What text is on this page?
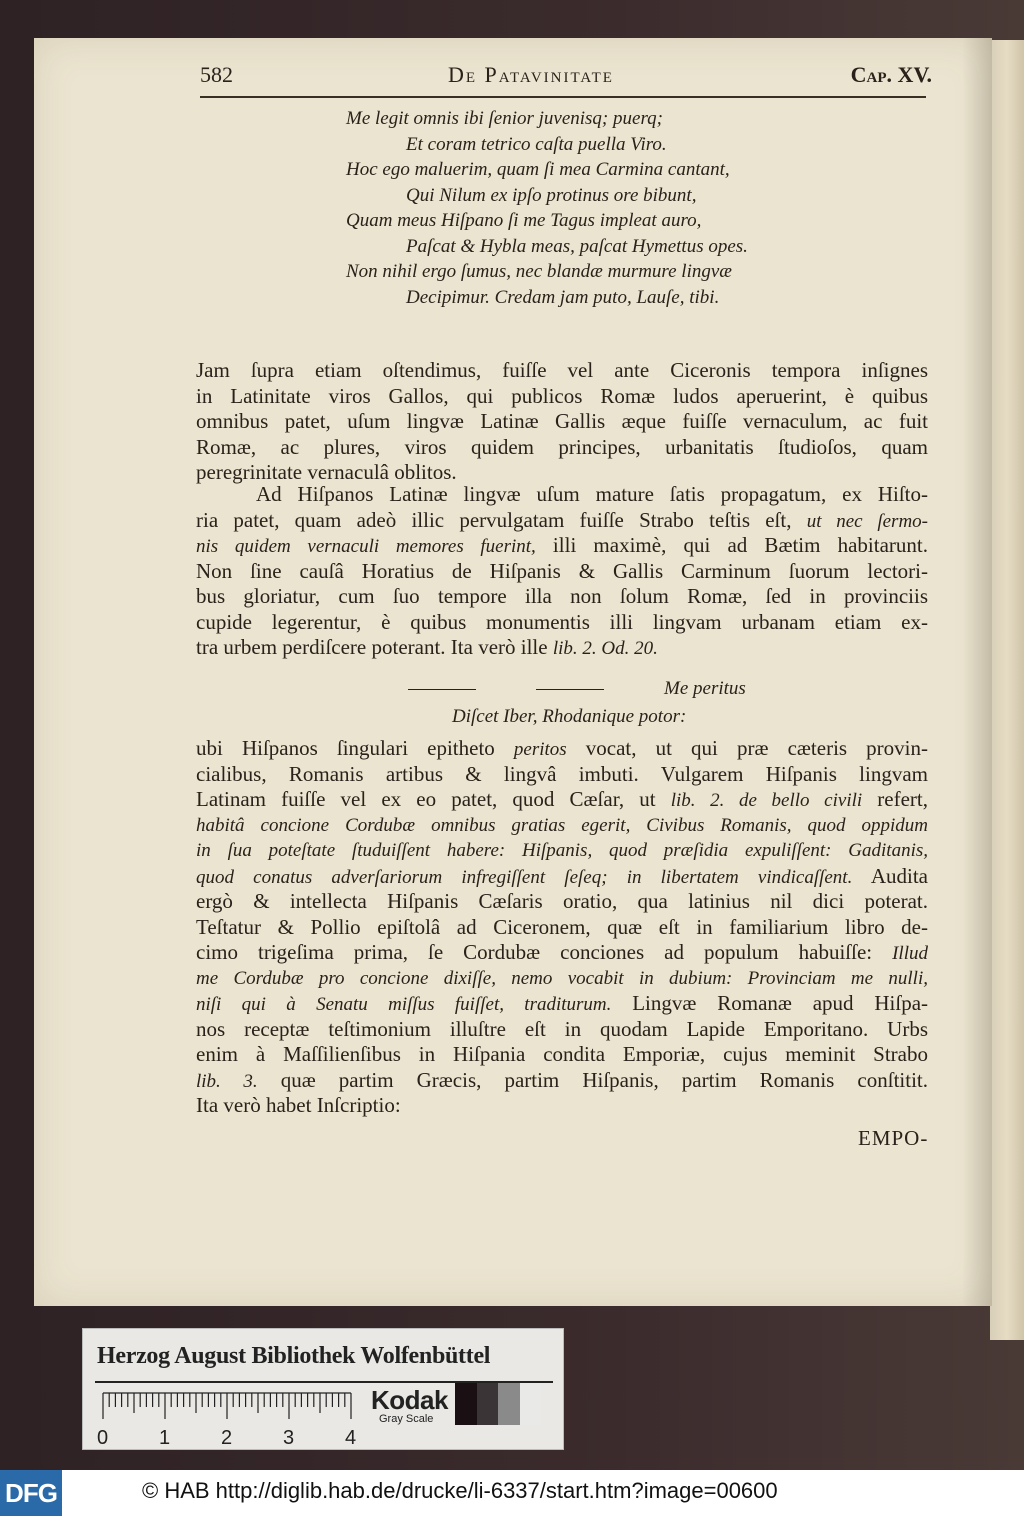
582	De Patavinitate	Cap. XV.
Me legit omnis ibi ſenior juvenisq; puerq;
Et coram tetrico caſta puella Viro.
Hoc ego maluerim, quam ſi mea Carmina cantant,
Qui Nilum ex ipſo protinus ore bibunt,
Quam meus Hiſpano ſi me Tagus impleat auro,
Paſcat & Hybla meas, paſcat Hymettus opes.
Non nihil ergo ſumus, nec blandæ murmure lingvæ
Decipimur. Credam jam puto, Lauſe, tibi.
Jam ſupra etiam oſtendimus, fuiſſe vel ante Ciceronis tempora inſignes
in Latinitate viros Gallos, qui publicos Romæ ludos aperuerint, è quibus
omnibus patet, uſum lingvæ Latinæ Gallis æque fuiſſe vernaculum, ac fuit
Romæ, ac plures, viros quidem principes, urbanitatis ſtudioſos, quam
peregrinitate vernaculâ oblitos.
Ad Hiſpanos Latinæ lingvæ uſum mature ſatis propagatum, ex Hiſto-
ria patet, quam adeò illic pervulgatam fuiſſe Strabo teſtis eſt, ut nec ſermo-
nis quidem vernaculi memores fuerint, illi maximè, qui ad Bætim habitarunt.
Non ſine cauſâ Horatius de Hiſpanis & Gallis Carminum ſuorum lectori-
bus gloriatur, cum ſuo tempore illa non ſolum Romæ, ſed in provinciis
cupide legerentur, è quibus monumentis illi lingvam urbanam etiam ex-
tra urbem perdiſcere poterant. Ita verò ille lib. 2. Od. 20.
Me peritus
Diſcet Iber, Rhodanique potor:
ubi Hiſpanos ſingulari epitheto peritos vocat, ut qui præ cæteris provin-
cialibus, Romanis artibus & lingvâ imbuti. Vulgarem Hiſpanis lingvam
Latinam fuiſſe vel ex eo patet, quod Cæſar, ut lib. 2. de bello civili refert,
habitâ concione Cordubæ omnibus gratias egerit, Civibus Romanis, quod oppidum
in ſua poteſtate ſtuduiſſent habere: Hiſpanis, quod præſidia expuliſſent: Gaditanis,
quod conatus adverſariorum infregiſſent ſeſeq; in libertatem vindicaſſent. Audita
ergò & intellecta Hiſpanis Cæſaris oratio, qua latinius nil dici poterat.
Teſtatur & Pollio epiſtolâ ad Ciceronem, quæ eſt in familiarium libro de-
cimo trigeſima prima, ſe Cordubæ conciones ad populum habuiſſe: Illud
me Cordubæ pro concione dixiſſe, nemo vocabit in dubium: Provinciam me nulli,
niſi qui à Senatu miſſus fuiſſet, traditurum. Lingvæ Romanæ apud Hiſpa-
nos receptæ teſtimonium illuſtre eſt in quodam Lapide Emporitano. Urbs
enim à Maſſilienſibus in Hiſpania condita Emporiæ, cujus meminit Strabo
lib. 3. quæ partim Græcis, partim Hiſpanis, partim Romanis conſtitit.
Ita verò habet Inſcriptio:
EMPO-
Herzog August Bibliothek Wolfenbüttel
0	1	2	3	4
Kodak
Gray Scale
DFG	© HAB http://diglib.hab.de/drucke/li-6337/start.htm?image=00600
